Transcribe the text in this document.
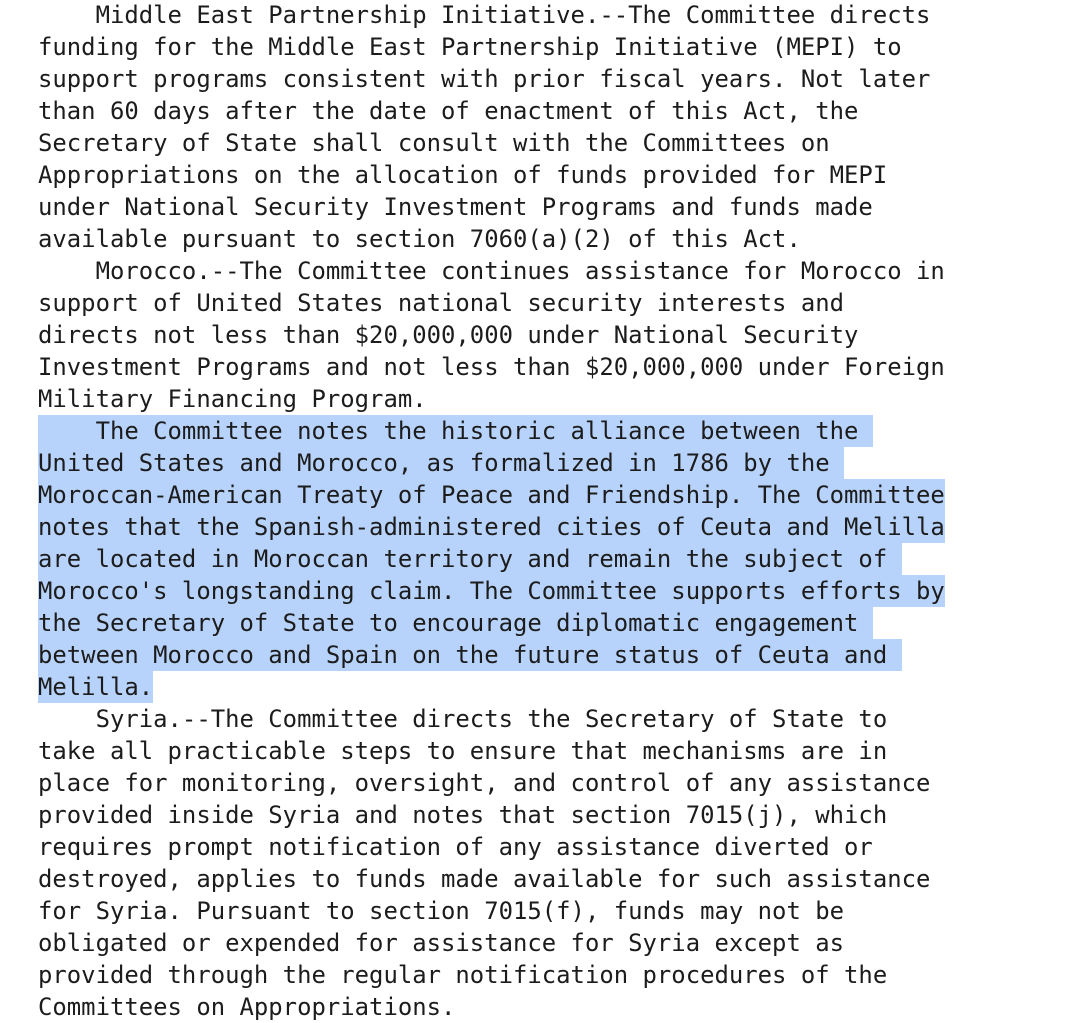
Middle East Partnership Initiative.--The Committee directs
funding for the Middle East Partnership Initiative (MEPI) to
support programs consistent with prior fiscal years. Not later
than 60 days after the date of enactment of this Act, the
Secretary of State shall consult with the Committees on
Appropriations on the allocation of funds provided for MEPI
under National Security Investment Programs and funds made
available pursuant to section 7060(a)(2) of this Act.
Morocco.--The Committee continues assistance for Morocco in
support of United States national security interests and
directs not less than $20,000,000 under National Security
Investment Programs and not less than $20,000,000 under Foreign
Military Financing Program.
The Committee notes the historic alliance between the
United States and Morocco, as formalized in 1786 by the
Moroccan-American Treaty of Peace and Friendship. The Committee
notes that the Spanish-administered cities of Ceuta and Melilla
are located in Moroccan territory and remain the subject of
Morocco's longstanding claim. The Committee supports efforts by
the Secretary of State to encourage diplomatic engagement
between Morocco and Spain on the future status of Ceuta and
Melilla.
Syria.--The Committee directs the Secretary of State to
take all practicable steps to ensure that mechanisms are in
place for monitoring, oversight, and control of any assistance
provided inside Syria and notes that section 7015(j), which
requires prompt notification of any assistance diverted or
destroyed, applies to funds made available for such assistance
for Syria. Pursuant to section 7015(f), funds may not be
obligated or expended for assistance for Syria except as
provided through the regular notification procedures of the
Committees on Appropriations.
